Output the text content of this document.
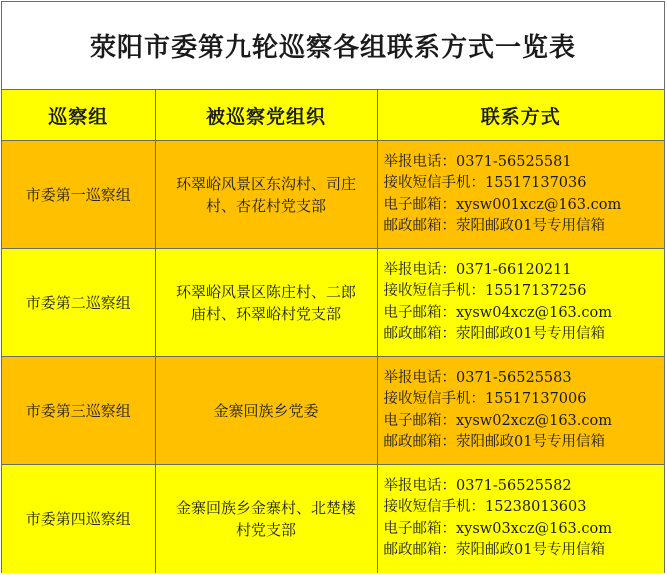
荥阳市委第九轮巡察各组联系方式一览表
巡察组	被巡察党组织	联系方式
市委第一巡察组	环翠峪风景区东沟村、司庄
村、杏花村党支部	举报电话：0371-56525581
接收短信手机：15517137036
电子邮箱：xysw001xcz@163.com
邮政邮箱：荥阳邮政01号专用信箱

市委第二巡察组	环翠峪风景区陈庄村、二郎
庙村、环翠峪村党支部	举报电话：0371-66120211
接收短信手机：15517137256
电子邮箱：xysw04xcz@163.com
邮政邮箱：荥阳邮政01号专用信箱

市委第三巡察组	金寨回族乡党委	举报电话：0371-56525583
接收短信手机：15517137006
电子邮箱：xysw02xcz@163.com
邮政邮箱：荥阳邮政01号专用信箱

市委第四巡察组	金寨回族乡金寨村、北楚楼
村党支部	举报电话：0371-56525582
接收短信手机：15238013603
电子邮箱：xysw03xcz@163.com
邮政邮箱：荥阳邮政01号专用信箱
